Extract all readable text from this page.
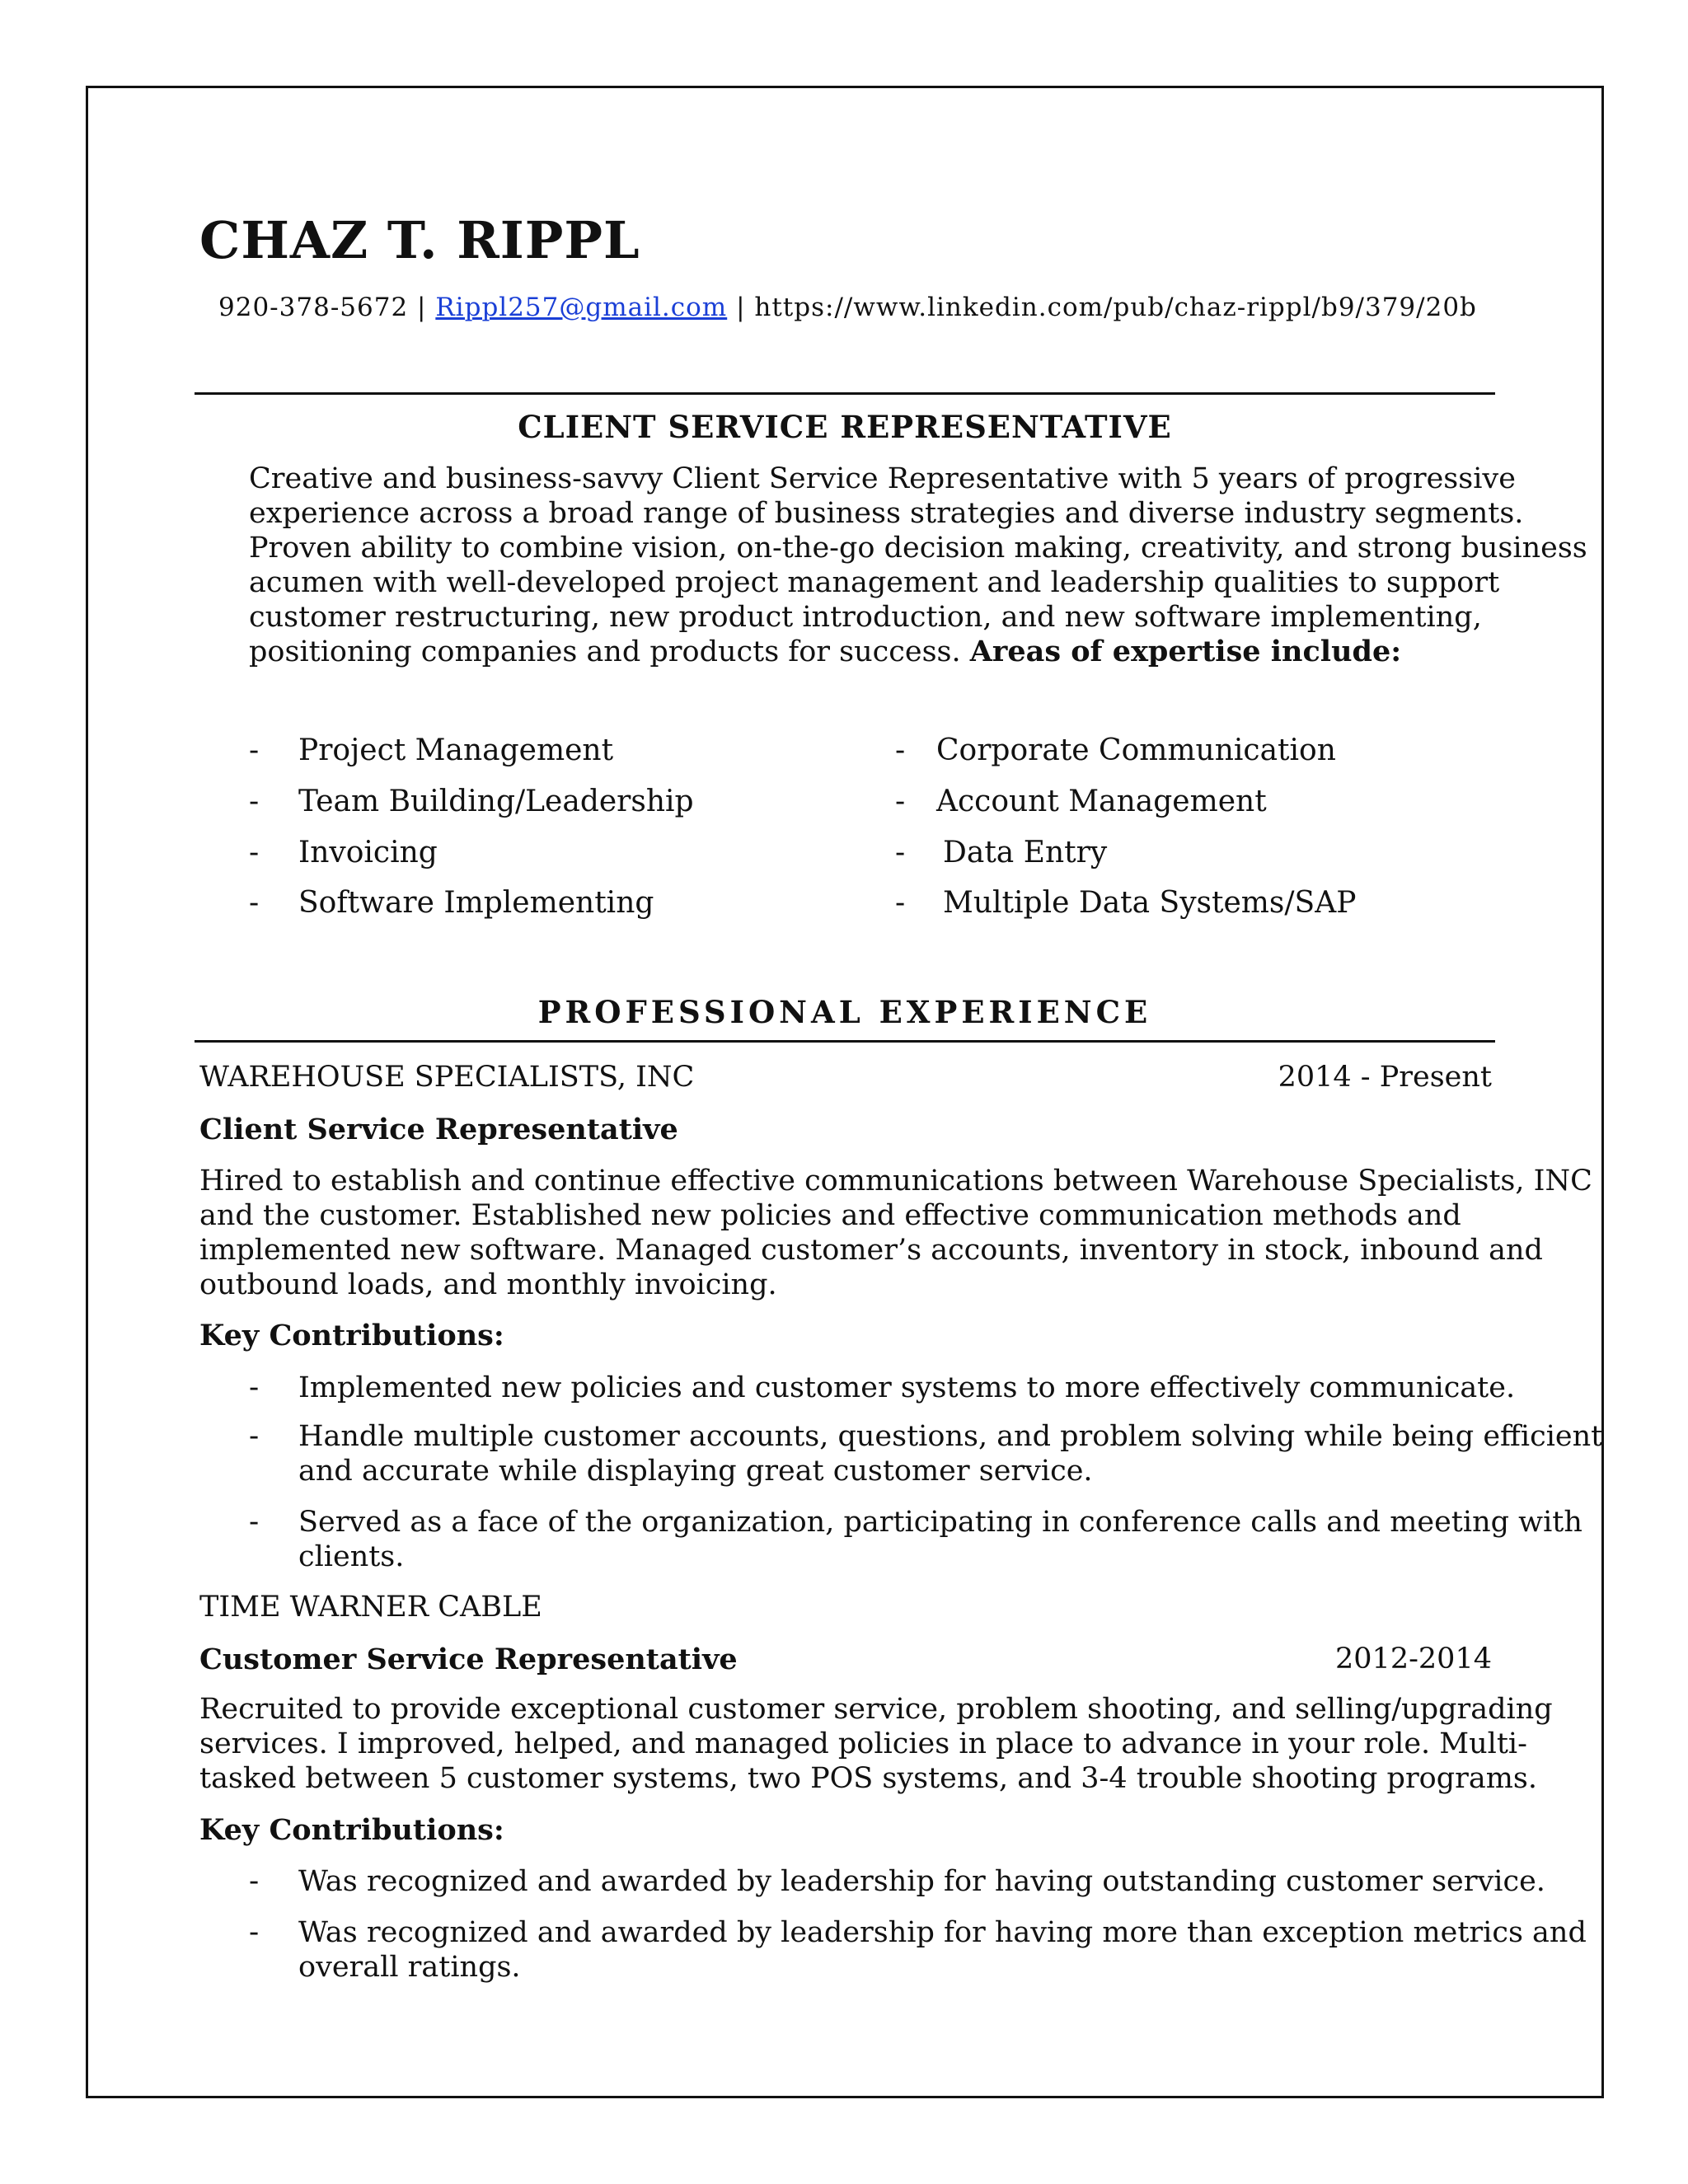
CHAZ T. RIPPL
920-378-5672 | Rippl257@gmail.com | https://www.linkedin.com/pub/chaz-rippl/b9/379/20b
CLIENT SERVICE REPRESENTATIVE
Creative and business-savvy Client Service Representative with 5 years of progressive
experience across a broad range of business strategies and diverse industry segments.
Proven ability to combine vision, on-the-go decision making, creativity, and strong business
acumen with well-developed project management and leadership qualities to support
customer restructuring, new product introduction, and new software implementing,
positioning companies and products for success. Areas of expertise include:
- Project Management
- Team Building/Leadership
- Invoicing
- Software Implementing
- Corporate Communication
- Account Management
- Data Entry
- Multiple Data Systems/SAP
PROFESSIONAL EXPERIENCE
WAREHOUSE SPECIALISTS, INC	2014 - Present
Client Service Representative
Hired to establish and continue effective communications between Warehouse Specialists, INC
and the customer. Established new policies and effective communication methods and
implemented new software. Managed customer’s accounts, inventory in stock, inbound and
outbound loads, and monthly invoicing.
Key Contributions:
- Implemented new policies and customer systems to more effectively communicate.
- Handle multiple customer accounts, questions, and problem solving while being efficient
and accurate while displaying great customer service.
- Served as a face of the organization, participating in conference calls and meeting with
clients.
TIME WARNER CABLE
Customer Service Representative	2012-2014
Recruited to provide exceptional customer service, problem shooting, and selling/upgrading
services. I improved, helped, and managed policies in place to advance in your role. Multi-
tasked between 5 customer systems, two POS systems, and 3-4 trouble shooting programs.
Key Contributions:
- Was recognized and awarded by leadership for having outstanding customer service.
- Was recognized and awarded by leadership for having more than exception metrics and
overall ratings.
